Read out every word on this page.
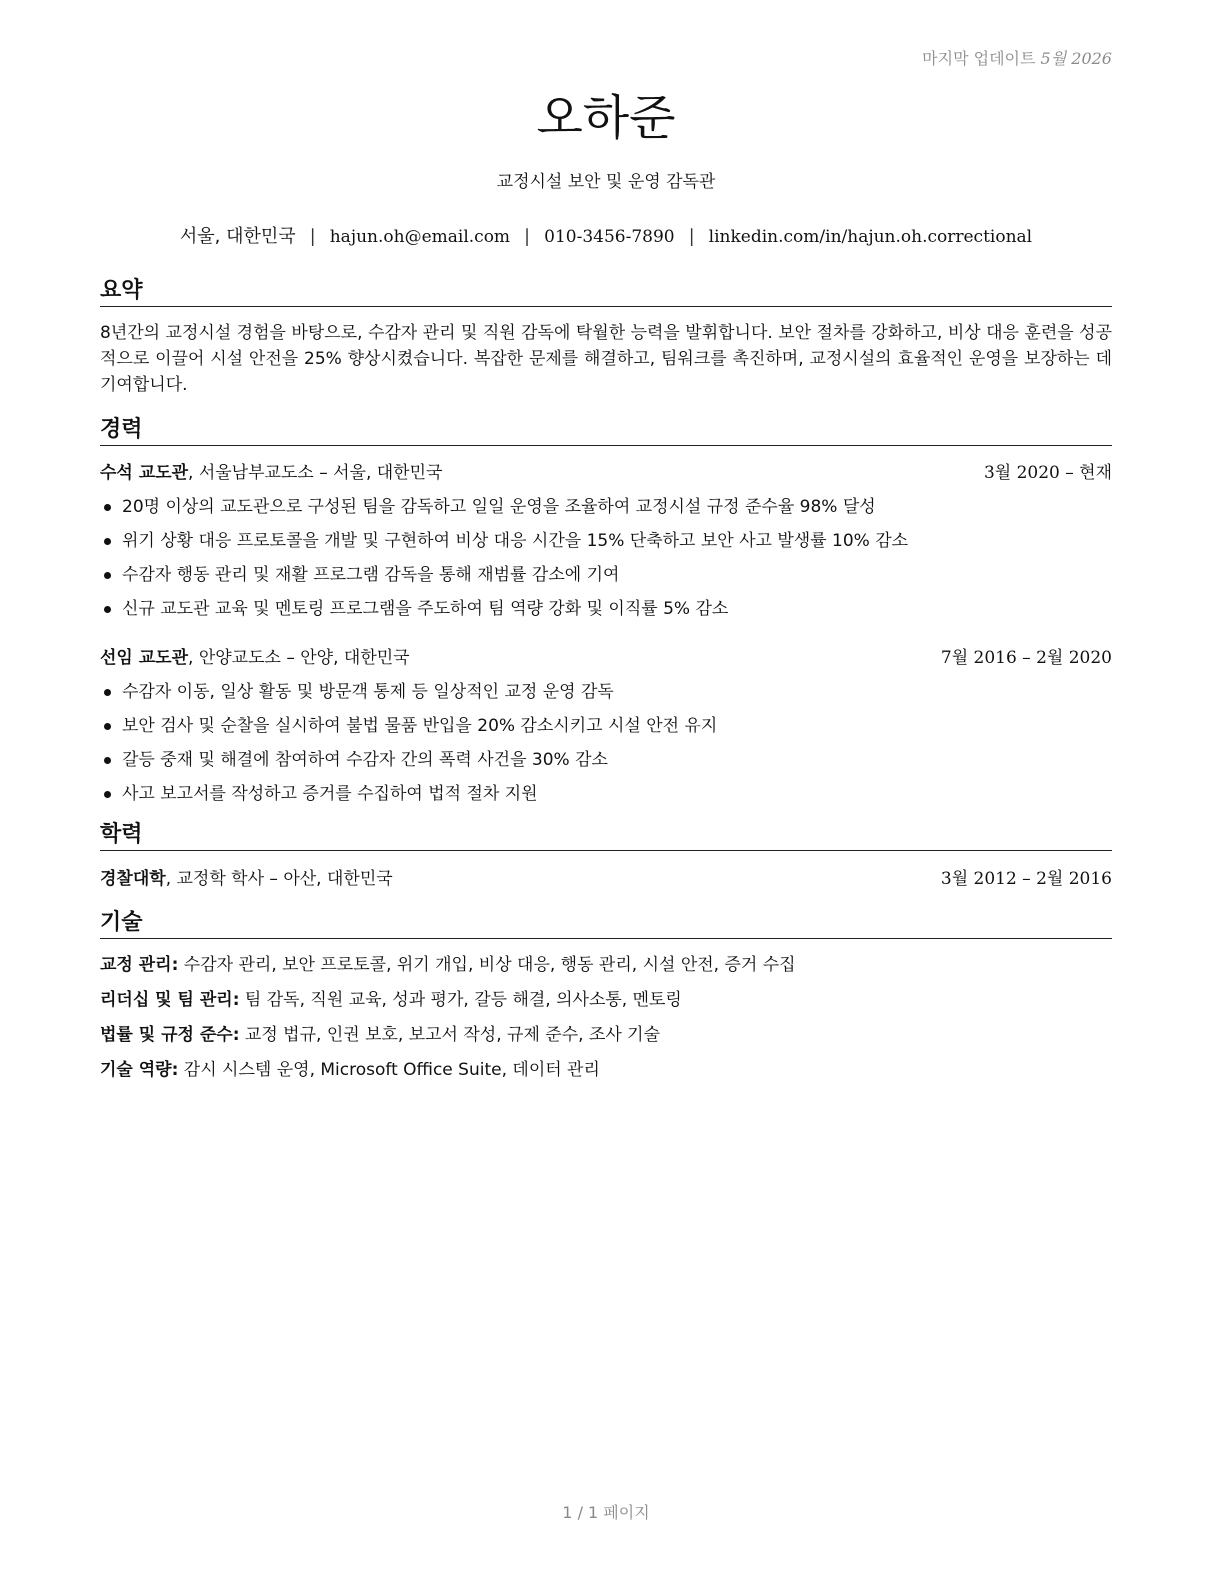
마지막 업데이트 5월 2026
오하준
교정시설 보안 및 운영 감독관
서울, 대한민국 | hajun.oh@email.com | 010-3456-7890 | linkedin.com/in/hajun.oh.correctional
요약
8년간의 교정시설 경험을 바탕으로, 수감자 관리 및 직원 감독에 탁월한 능력을 발휘합니다. 보안 절차를 강화하고, 비상 대응 훈련을 성공적으로 이끌어 시설 안전을 25% 향상시켰습니다. 복잡한 문제를 해결하고, 팀워크를 촉진하며, 교정시설의 효율적인 운영을 보장하는 데 기여합니다.
경력
수석 교도관, 서울남부교도소 – 서울, 대한민국	3월 2020 – 현재
20명 이상의 교도관으로 구성된 팀을 감독하고 일일 운영을 조율하여 교정시설 규정 준수율 98% 달성
위기 상황 대응 프로토콜을 개발 및 구현하여 비상 대응 시간을 15% 단축하고 보안 사고 발생률 10% 감소
수감자 행동 관리 및 재활 프로그램 감독을 통해 재범률 감소에 기여
신규 교도관 교육 및 멘토링 프로그램을 주도하여 팀 역량 강화 및 이직률 5% 감소
선임 교도관, 안양교도소 – 안양, 대한민국	7월 2016 – 2월 2020
수감자 이동, 일상 활동 및 방문객 통제 등 일상적인 교정 운영 감독
보안 검사 및 순찰을 실시하여 불법 물품 반입을 20% 감소시키고 시설 안전 유지
갈등 중재 및 해결에 참여하여 수감자 간의 폭력 사건을 30% 감소
사고 보고서를 작성하고 증거를 수집하여 법적 절차 지원
학력
경찰대학, 교정학 학사 – 아산, 대한민국	3월 2012 – 2월 2016
기술
교정 관리: 수감자 관리, 보안 프로토콜, 위기 개입, 비상 대응, 행동 관리, 시설 안전, 증거 수집
리더십 및 팀 관리: 팀 감독, 직원 교육, 성과 평가, 갈등 해결, 의사소통, 멘토링
법률 및 규정 준수: 교정 법규, 인권 보호, 보고서 작성, 규제 준수, 조사 기술
기술 역량: 감시 시스템 운영, Microsoft Office Suite, 데이터 관리
1 / 1 페이지
